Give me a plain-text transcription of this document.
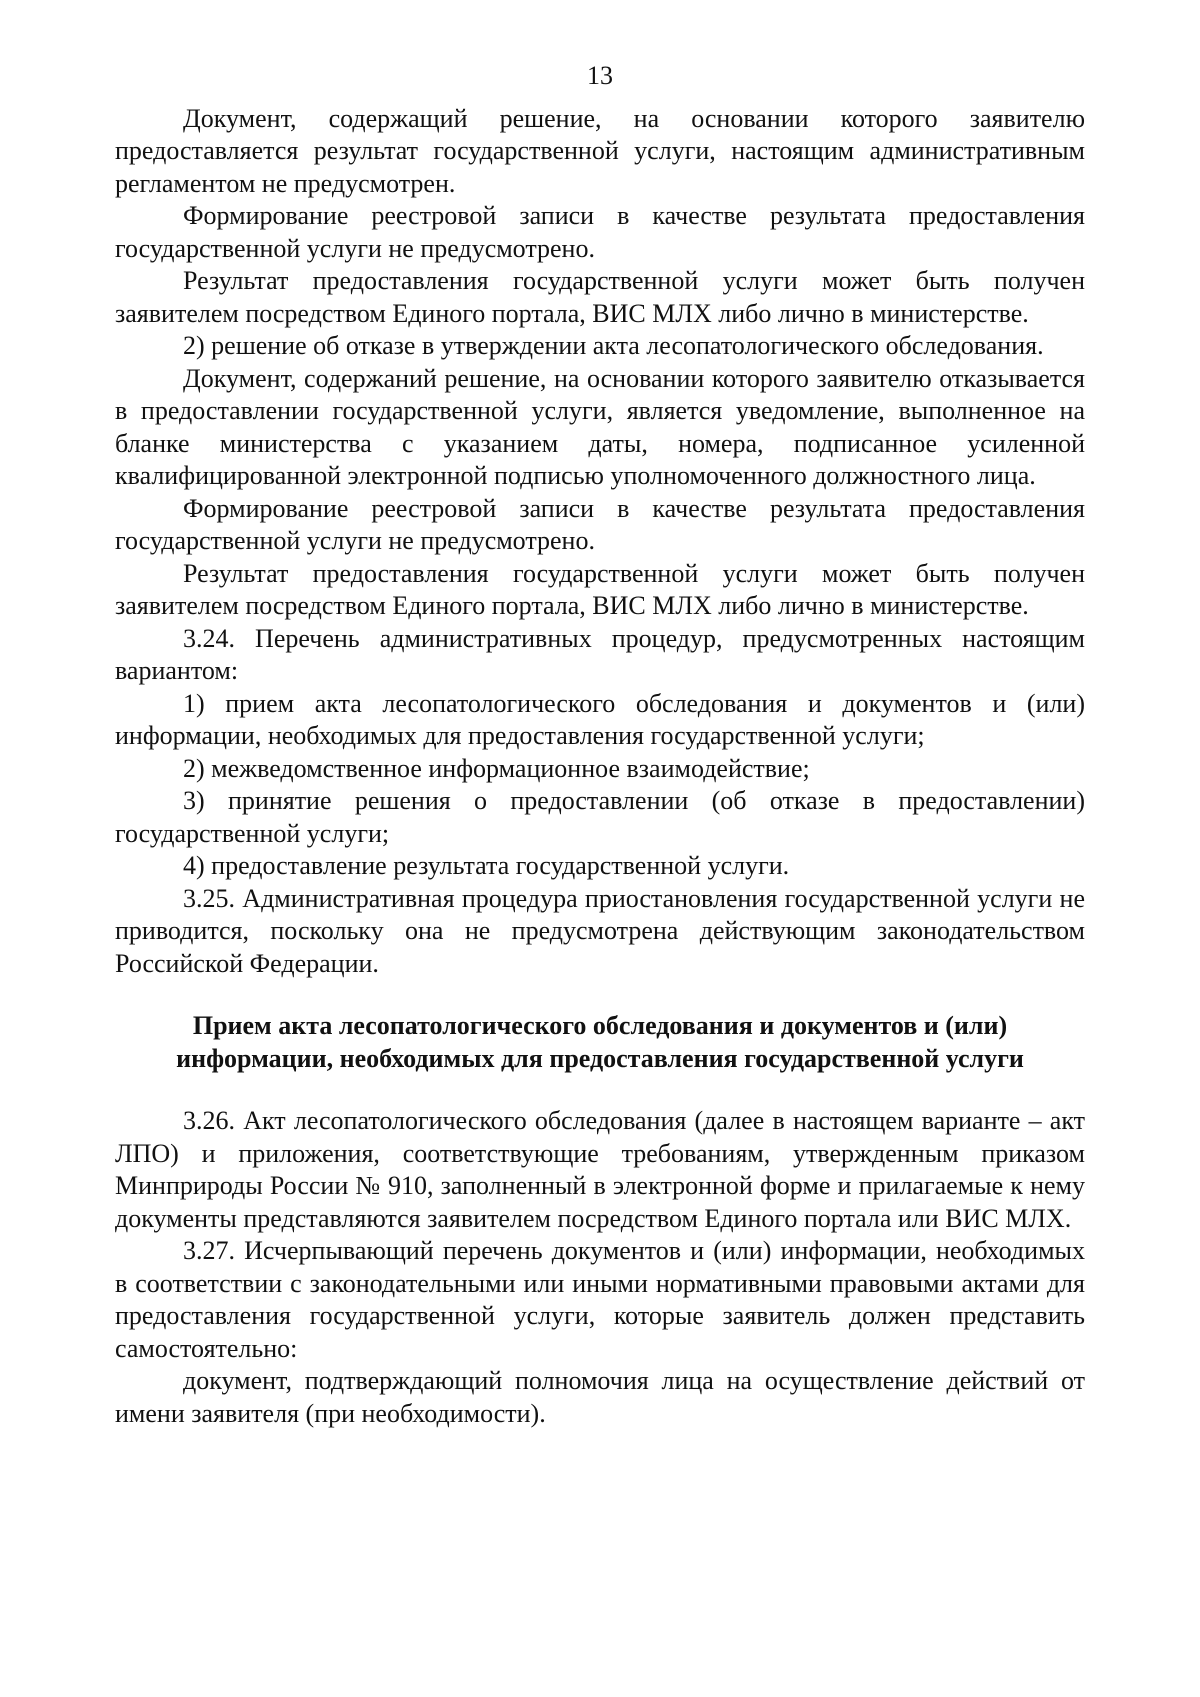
13

Документ, содержащий решение, на основании которого заявителю предоставляется результат государственной услуги, настоящим административным регламентом не предусмотрен.

Формирование реестровой записи в качестве результата предоставления государственной услуги не предусмотрено.

Результат предоставления государственной услуги может быть получен заявителем посредством Единого портала, ВИС МЛХ либо лично в министерстве.

2) решение об отказе в утверждении акта лесопатологического обследования.

Документ, содержаний решение, на основании которого заявителю отказывается в предоставлении государственной услуги, является уведомление, выполненное на бланке министерства с указанием даты, номера, подписанное усиленной квалифицированной электронной подписью уполномоченного должностного лица.

Формирование реестровой записи в качестве результата предоставления государственной услуги не предусмотрено.

Результат предоставления государственной услуги может быть получен заявителем посредством Единого портала, ВИС МЛХ либо лично в министерстве.

3.24. Перечень административных процедур, предусмотренных настоящим вариантом:

1) прием акта лесопатологического обследования и документов и (или) информации, необходимых для предоставления государственной услуги;

2) межведомственное информационное взаимодействие;

3) принятие решения о предоставлении (об отказе в предоставлении) государственной услуги;

4) предоставление результата государственной услуги.

3.25. Административная процедура приостановления государственной услуги не приводится, поскольку она не предусмотрена действующим законодательством Российской Федерации.

Прием акта лесопатологического обследования и документов и (или) информации, необходимых для предоставления государственной услуги

3.26. Акт лесопатологического обследования (далее в настоящем варианте – акт ЛПО) и приложения, соответствующие требованиям, утвержденным приказом Минприроды России № 910, заполненный в электронной форме и прилагаемые к нему документы представляются заявителем посредством Единого портала или ВИС МЛХ.

3.27. Исчерпывающий перечень документов и (или) информации, необходимых в соответствии с законодательными или иными нормативными правовыми актами для предоставления государственной услуги, которые заявитель должен представить самостоятельно:

документ, подтверждающий полномочия лица на осуществление действий от имени заявителя (при необходимости).
